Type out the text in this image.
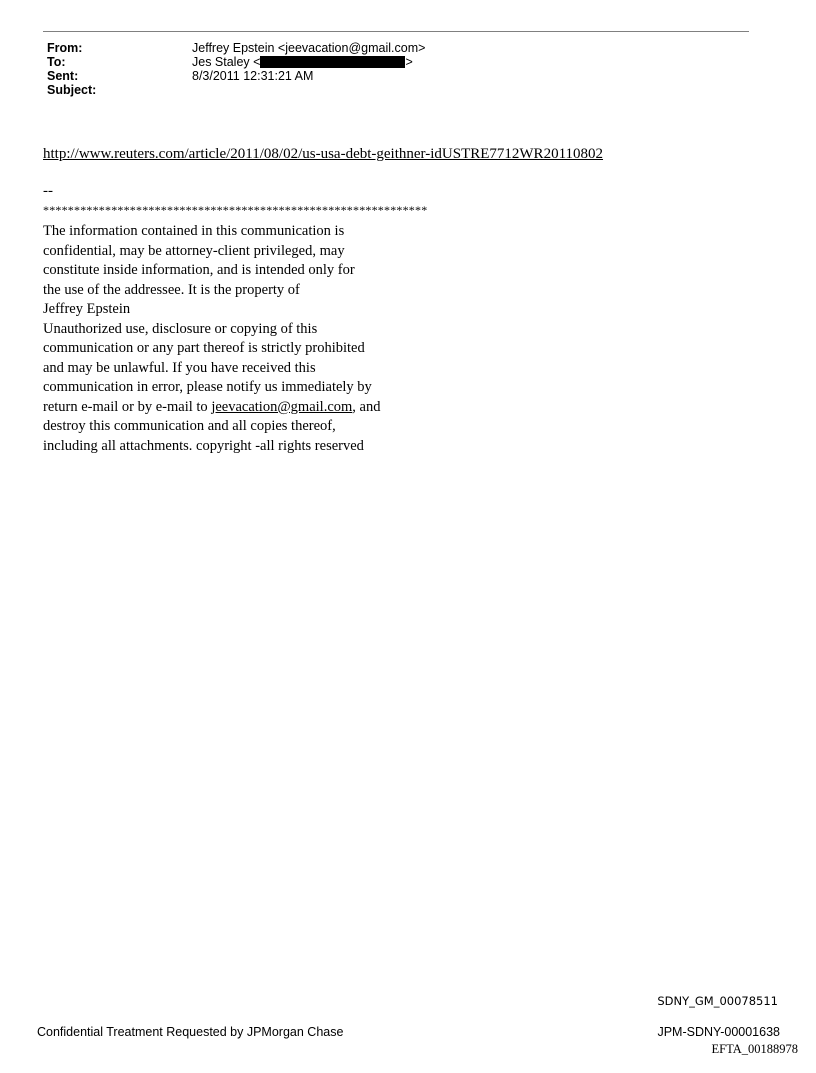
From:	Jeffrey Epstein <jeevacation@gmail.com>
To:	Jes Staley <	>
Sent:	8/3/2011 12:31:21 AM
Subject:
http://www.reuters.com/article/2011/08/02/us-usa-debt-geithner-idUSTRE7712WR20110802
--
**************************************************************
The information contained in this communication is
confidential, may be attorney-client privileged, may
constitute inside information, and is intended only for
the use of the addressee. It is the property of
Jeffrey Epstein
Unauthorized use, disclosure or copying of this
communication or any part thereof is strictly prohibited
and may be unlawful. If you have received this
communication in error, please notify us immediately by
return e-mail or by e-mail to jeevacation@gmail.com, and
destroy this communication and all copies thereof,
including all attachments. copyright -all rights reserved
SDNY_GM_00078511
Confidential Treatment Requested by JPMorgan Chase	JPM-SDNY-00001638
EFTA_00188978
